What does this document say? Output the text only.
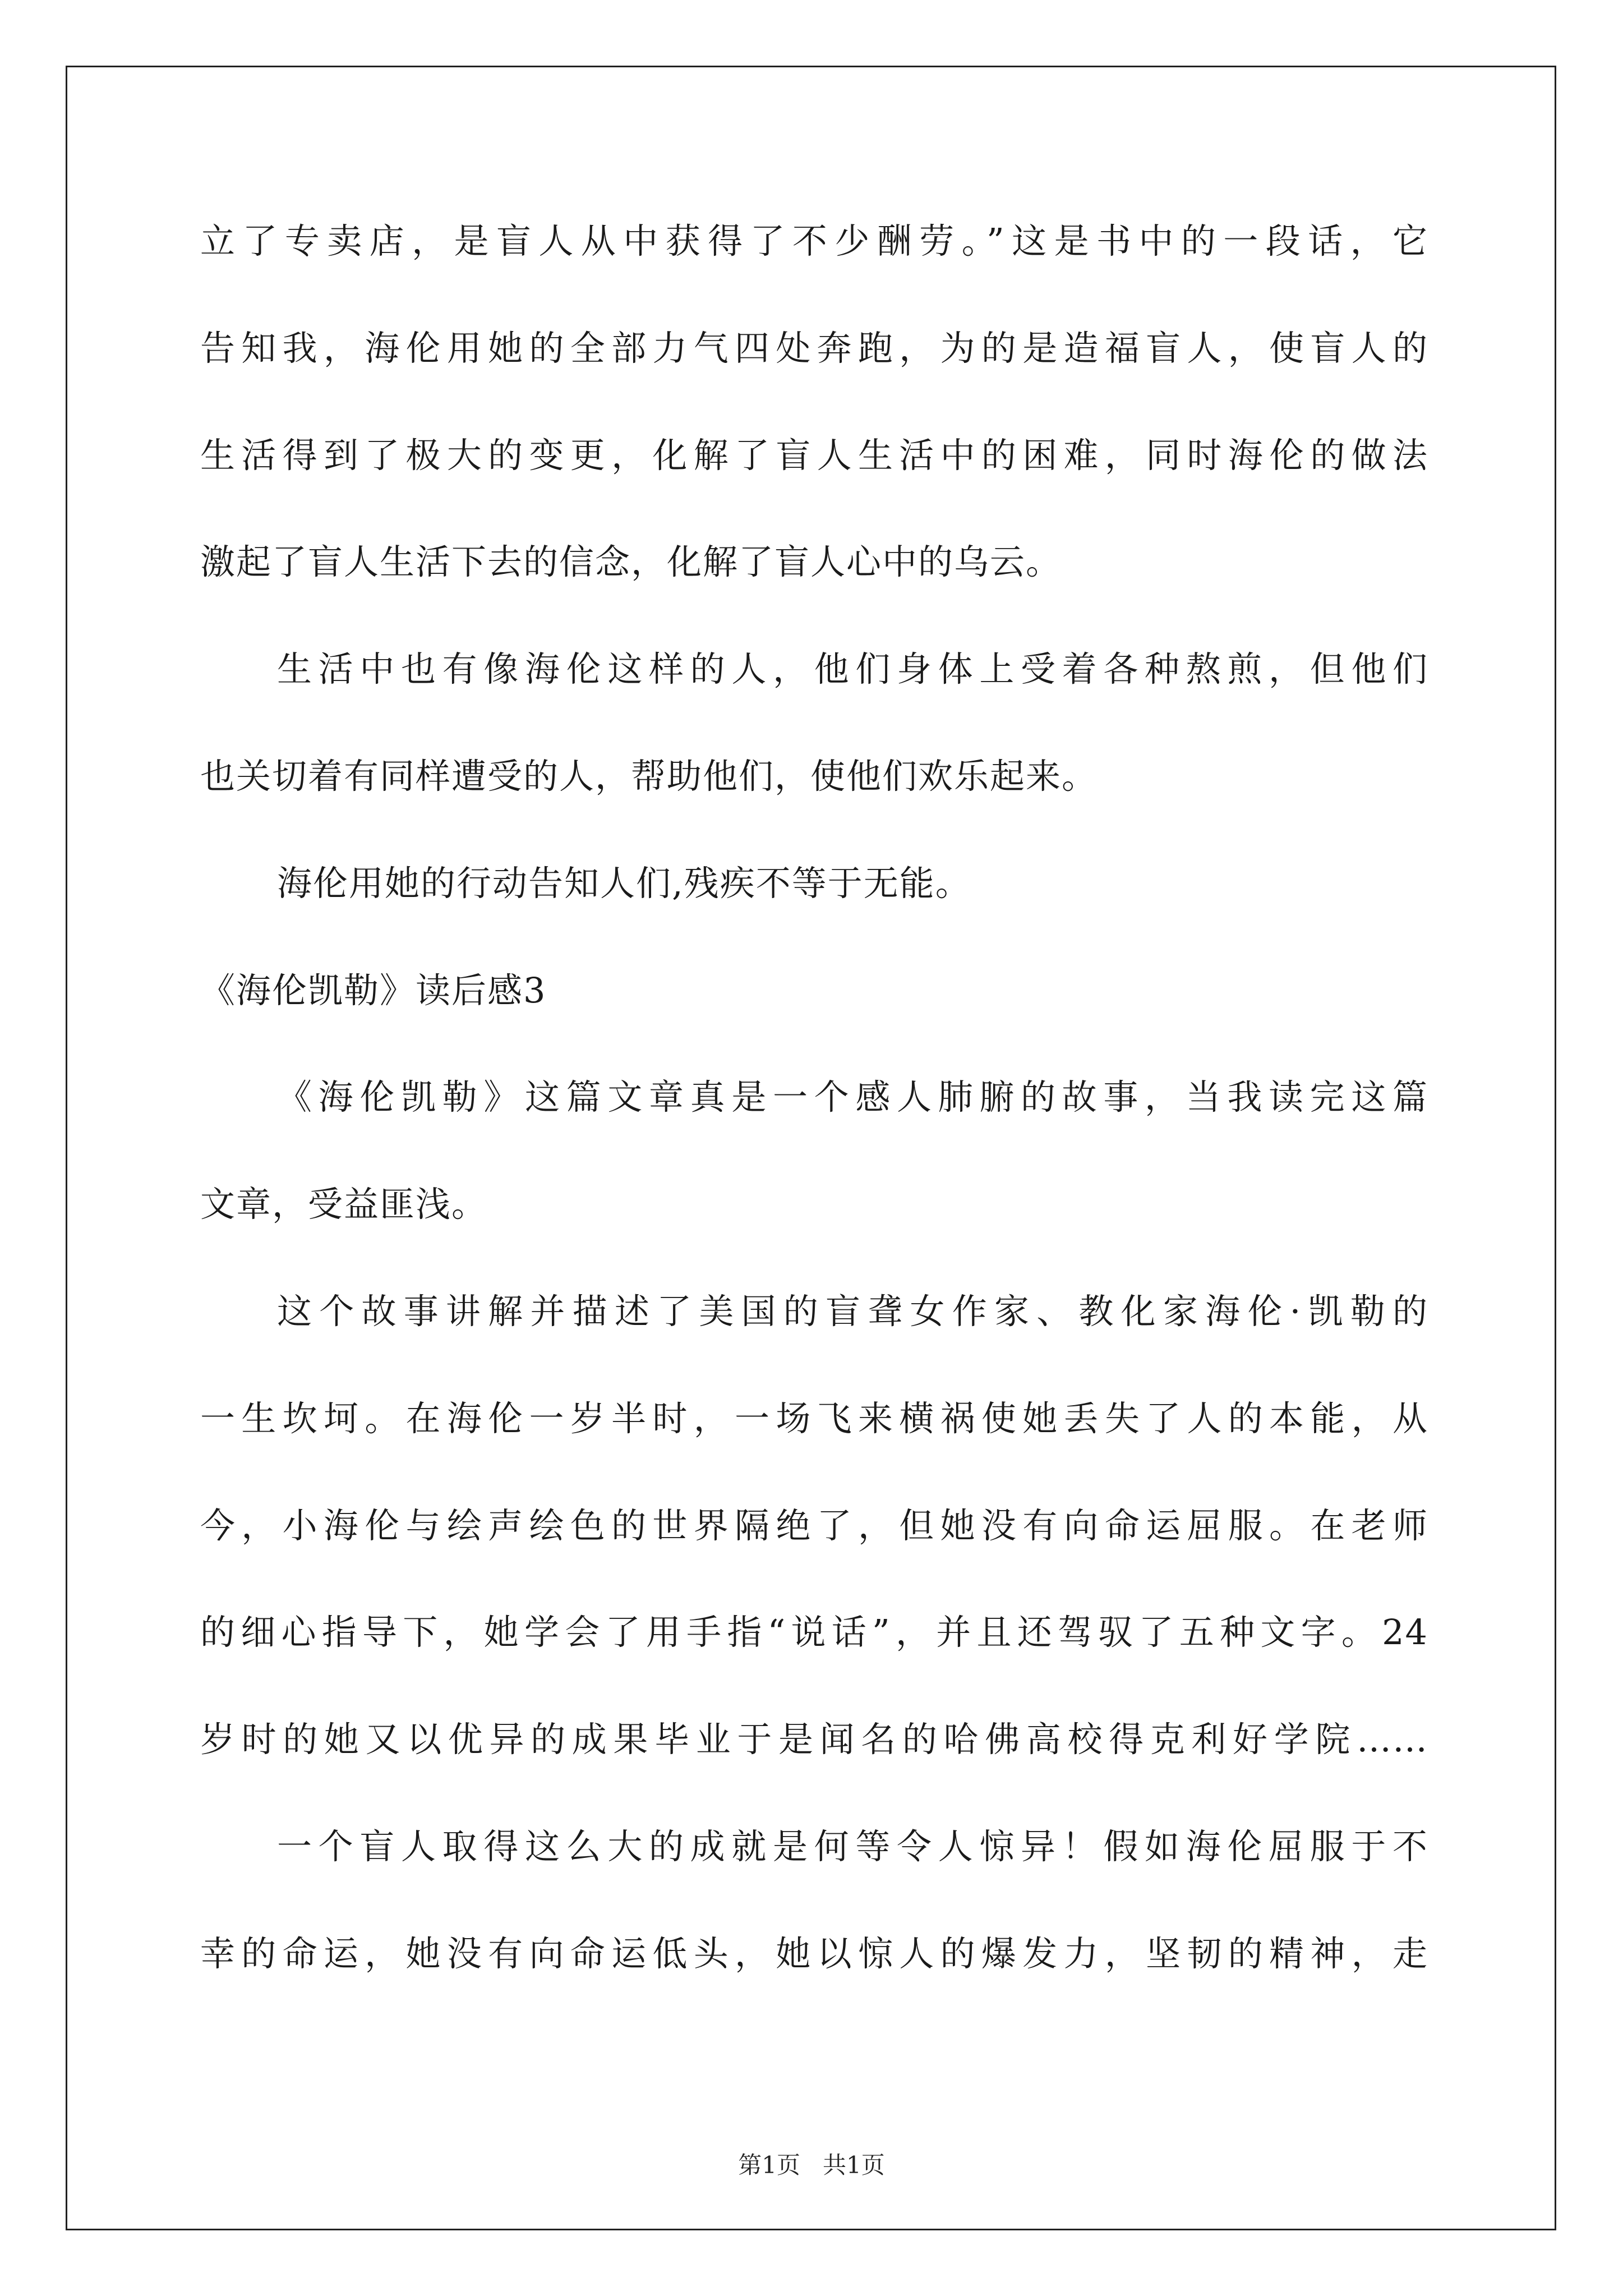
立了专卖店，是盲人从中获得了不少酬劳。”这是书中的一段话，它
告知我，海伦用她的全部力气四处奔跑，为的是造福盲人，使盲人的
生活得到了极大的变更，化解了盲人生活中的困难，同时海伦的做法
激起了盲人生活下去的信念，化解了盲人心中的乌云。
生活中也有像海伦这样的人，他们身体上受着各种熬煎，但他们
也关切着有同样遭受的人，帮助他们，使他们欢乐起来。
海伦用她的行动告知人们,残疾不等于无能。
《海伦凯勒》读后感3
《海伦凯勒》这篇文章真是一个感人肺腑的故事，当我读完这篇
文章，受益匪浅。
这个故事讲解并描述了美国的盲聋女作家、教化家海伦·凯勒的
一生坎坷。在海伦一岁半时，一场飞来横祸使她丢失了人的本能，从
今，小海伦与绘声绘色的世界隔绝了，但她没有向命运屈服。在老师
的细心指导下，她学会了用手指“说话”，并且还驾驭了五种文字。24
岁时的她又以优异的成果毕业于是闻名的哈佛高校得克利好学院……
一个盲人取得这么大的成就是何等令人惊异！假如海伦屈服于不
幸的命运，她没有向命运低头，她以惊人的爆发力，坚韧的精神，走
第1页 共1页
